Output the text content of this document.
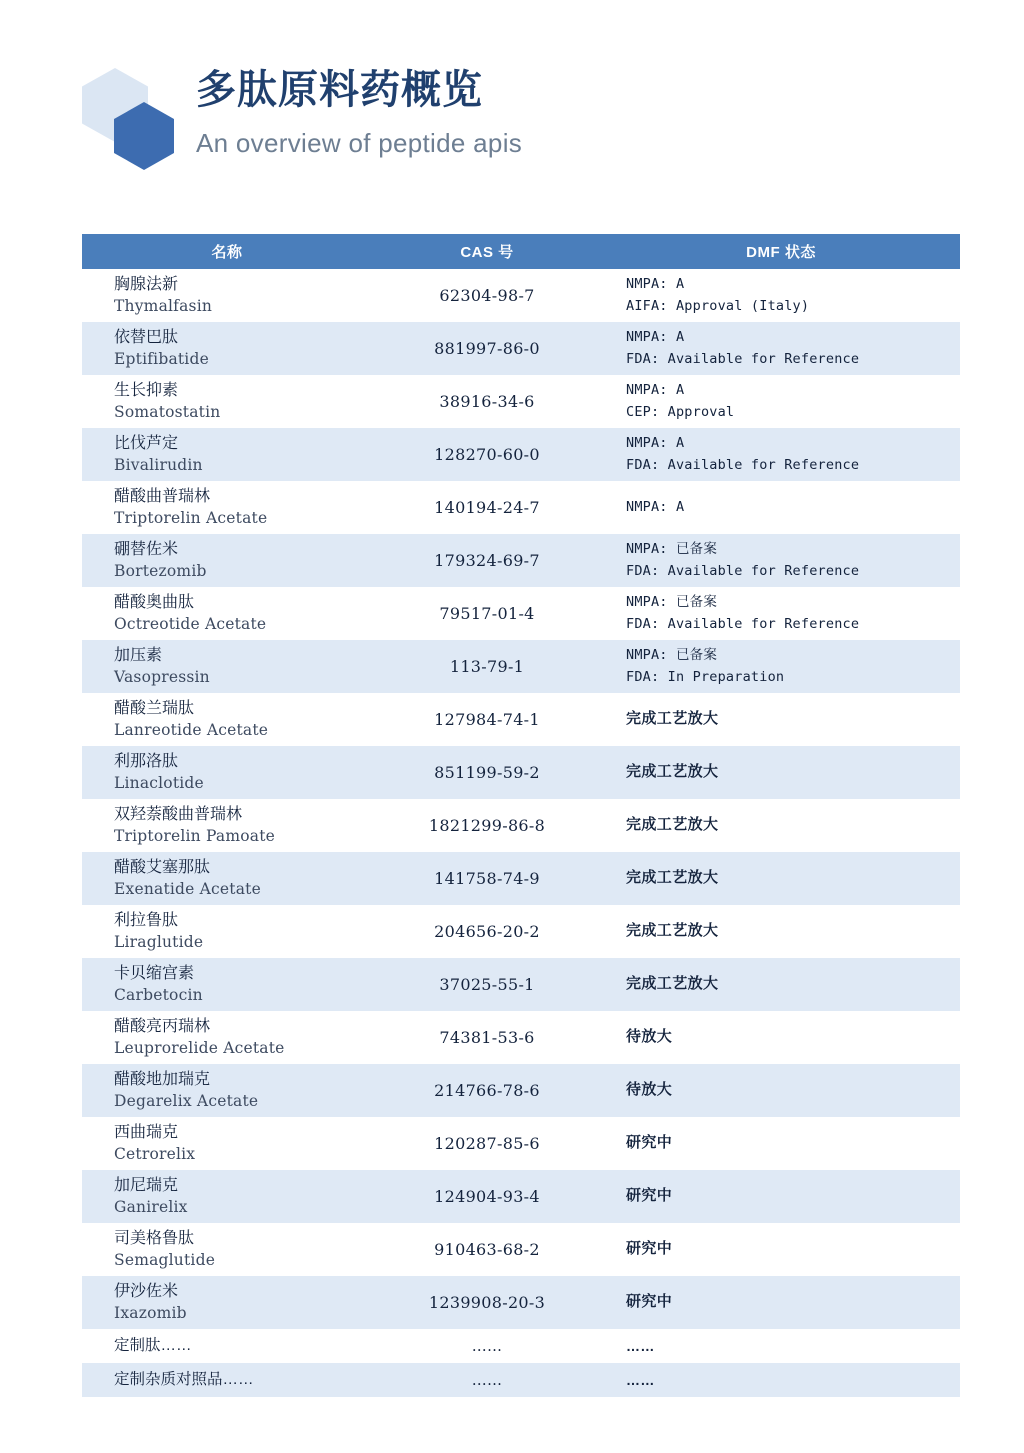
多肽原料药概览
An overview of peptide apis
名称	CAS 号	DMF 状态

胸腺法新
Thymalfasin	62304-98-7	NMPA: A
AIFA: Approval (Italy)

依替巴肽
Eptifibatide	881997-86-0	NMPA: A
FDA: Available for Reference

生长抑素
Somatostatin	38916-34-6	NMPA: A
CEP: Approval

比伐芦定
Bivalirudin	128270-60-0	NMPA: A
FDA: Available for Reference

醋酸曲普瑞林
Triptorelin Acetate	140194-24-7	NMPA: A

硼替佐米
Bortezomib	179324-69-7	NMPA: 已备案
FDA: Available for Reference

醋酸奥曲肽
Octreotide Acetate	79517-01-4	NMPA: 已备案
FDA: Available for Reference

加压素
Vasopressin	113-79-1	NMPA: 已备案
FDA: In Preparation

醋酸兰瑞肽
Lanreotide Acetate	127984-74-1	完成工艺放大

利那洛肽
Linaclotide	851199-59-2	完成工艺放大

双羟萘酸曲普瑞林
Triptorelin Pamoate	1821299-86-8	完成工艺放大

醋酸艾塞那肽
Exenatide Acetate	141758-74-9	完成工艺放大

利拉鲁肽
Liraglutide	204656-20-2	完成工艺放大

卡贝缩宫素
Carbetocin	37025-55-1	完成工艺放大

醋酸亮丙瑞林
Leuprorelide Acetate	74381-53-6	待放大

醋酸地加瑞克
Degarelix Acetate	214766-78-6	待放大

西曲瑞克
Cetrorelix	120287-85-6	研究中

加尼瑞克
Ganirelix	124904-93-4	研究中

司美格鲁肽
Semaglutide	910463-68-2	研究中

伊沙佐米
Ixazomib	1239908-20-3	研究中

定制肽……	……	……

定制杂质对照品……	……	……
